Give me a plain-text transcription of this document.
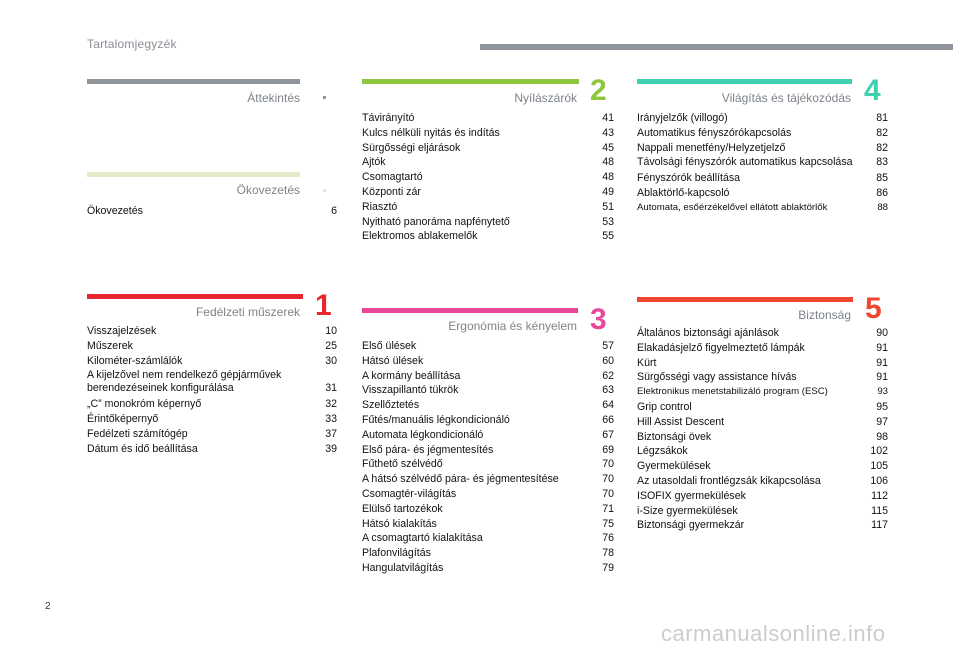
Tartalomjegyzék
Áttekintés
Ökovezetés
Ökovezetés	6
Nyílászárók 2
Távirányító	41
Kulcs nélküli nyitás és indítás	43
Sürgősségi eljárások	45
Ajtók	48
Csomagtartó	48
Központi zár	49
Riasztó	51
Nyitható panoráma napfénytető	53
Elektromos ablakemelők	55
Világítás és tájékozódás 4
Irányjelzők (villogó)	81
Automatikus fényszórókapcsolás	82
Nappali menetfény/Helyzetjelző	82
Távolsági fényszórók automatikus kapcsolása 83
Fényszórók beállítása	85
Ablaktörlő-kapcsoló	86
Automata, esőérzékelővel ellátott ablaktörlők	88
Fedélzeti műszerek 1
Visszajelzések	10
Műszerek	25
Kilométer-számlálók	30
A kijelzővel nem rendelkező gépjárművek berendezéseinek konfigurálása	31
„C” monokróm képernyő	32
Érintőképernyő	33
Fedélzeti számítógép	37
Dátum és idő beállítása	39
Ergonómia és kényelem 3
Első ülések	57
Hátsó ülések	60
A kormány beállítása	62
Visszapillantó tükrök	63
Szellőztetés	64
Fűtés/manuális légkondicionáló	66
Automata légkondicionáló	67
Első pára- és jégmentesítés	69
Fűthető szélvédő	70
A hátsó szélvédő pára- és jégmentesítése	70
Csomagtér-világítás	70
Elülső tartozékok	71
Hátsó kialakítás	75
A csomagtartó kialakítása	76
Plafonvilágítás	78
Hangulatvilágítás	79
Biztonság 5
Általános biztonsági ajánlások	90
Elakadásjelző figyelmeztető lámpák	91
Kürt	91
Sürgősségi vagy assistance hívás	91
Elektronikus menetstabilizáló program (ESC)	93
Grip control	95
Hill Assist Descent	97
Biztonsági övek	98
Légzsákok	102
Gyermekülések	105
Az utasoldali frontlégzsák kikapcsolása	106
ISOFIX gyermekülések	112
i-Size gyermekülések	115
Biztonsági gyermekzár	117
2
carmanualsonline.info
